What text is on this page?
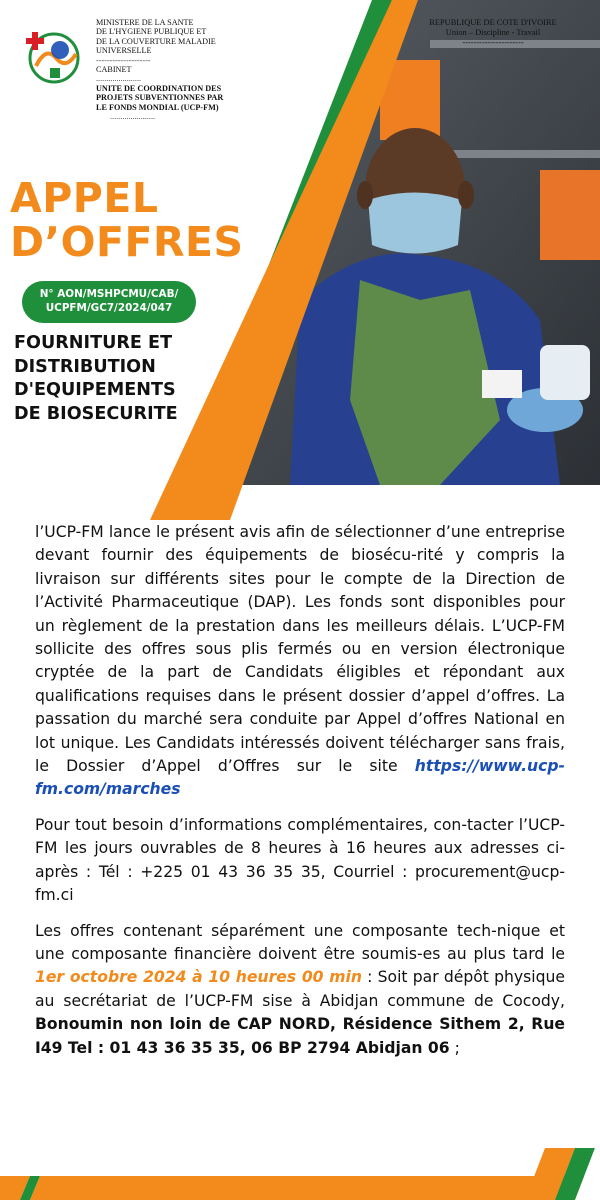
MINISTERE DE LA SANTE
DE L'HYGIENE PUBLIQUE ET
DE LA COUVERTURE MALADIE
UNIVERSELLE
--------------------
CABINET
......................
UNITE DE COORDINATION DES
PROJETS SUBVENTIONNES PAR
LE FONDS MONDIAL (UCP-FM)
......................
REPUBLIQUE DE COTE D'IVOIRE
Union – Discipline - Travail
----------------------
APPEL
D’OFFRES
N° AON/MSHPCMU/CAB/
UCPFM/GC7/2024/047
FOURNITURE ET
DISTRIBUTION
D'EQUIPEMENTS
DE BIOSECURITE

l’UCP-FM lance le présent avis afin de sélectionner d’une entreprise devant fournir des équipements de biosécu-rité y compris la livraison sur différents sites pour le compte de la Direction de l’Activité Pharmaceutique (DAP). Les fonds sont disponibles pour un règlement de la prestation dans les meilleurs délais. L’UCP-FM sollicite des offres sous plis fermés ou en version électronique cryptée de la part de Candidats éligibles et répondant aux qualifications requises dans le présent dossier d’appel d’offres. La passation du marché sera conduite par Appel d’offres National en lot unique. Les Candidats intéressés doivent télécharger sans frais, le Dossier d’Appel d’Offres sur le site https://www.ucp-fm.com/marches

Pour tout besoin d’informations complémentaires, con-tacter l’UCP-FM les jours ouvrables de 8 heures à 16 heures aux adresses ci-après : Tél : +225 01 43 36 35 35, Courriel : procurement@ucp-fm.ci

Les offres contenant séparément une composante tech-nique et une composante financière doivent être soumis-es au plus tard le 1er octobre 2024 à 10 heures 00 min : Soit par dépôt physique au secrétariat de l’UCP-FM sise à Abidjan commune de Cocody, Bonoumin non loin de CAP NORD, Résidence Sithem 2, Rue I49 Tel : 01 43 36 35 35, 06 BP 2794 Abidjan 06 ;
